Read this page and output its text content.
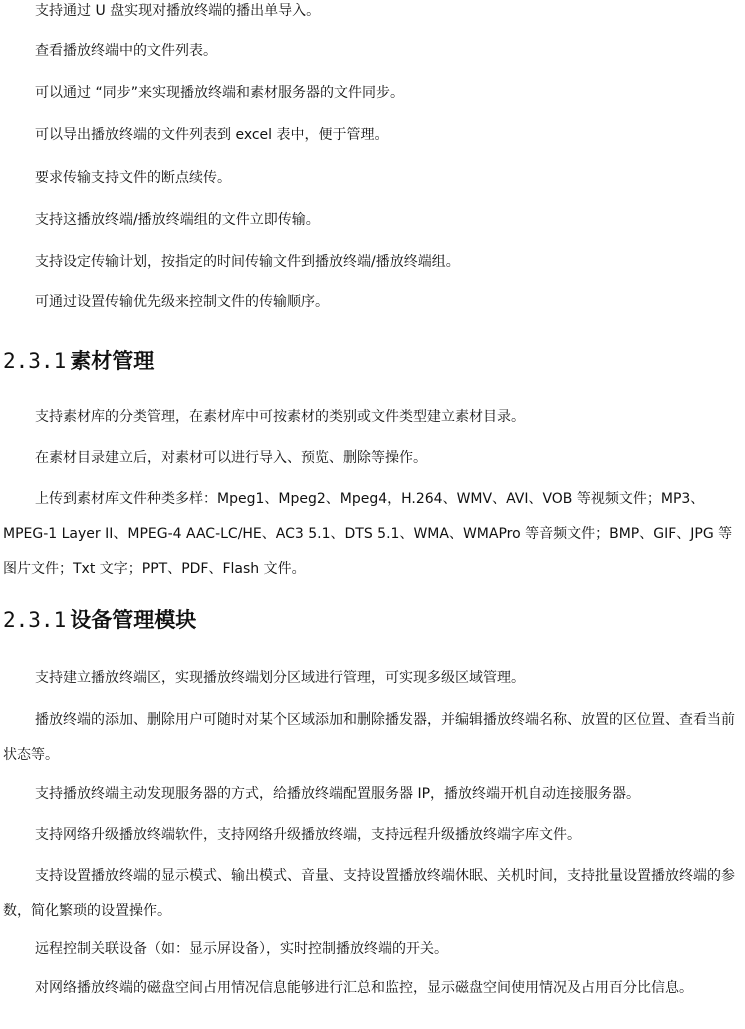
支持通过 U 盘实现对播放终端的播出单导入。

查看播放终端中的文件列表。

可以通过 “同步”来实现播放终端和素材服务器的文件同步。

可以导出播放终端的文件列表到 excel 表中，便于管理。

要求传输支持文件的断点续传。

支持这播放终端/播放终端组的文件立即传输。

支持设定传输计划，按指定的时间传输文件到播放终端/播放终端组。

可通过设置传输优先级来控制文件的传输顺序。

2.3.1 素材管理

支持素材库的分类管理，在素材库中可按素材的类别或文件类型建立素材目录。

在素材目录建立后，对素材可以进行导入、预览、删除等操作。

上传到素材库文件种类多样：Mpeg1、Mpeg2、Mpeg4，H.264、WMV、AVI、VOB 等视频文件；MP3、MPEG-1 Layer II、MPEG-4 AAC-LC/HE、AC3 5.1、DTS 5.1、WMA、WMAPro 等音频文件；BMP、GIF、JPG 等图片文件；Txt 文字；PPT、PDF、Flash 文件。

2.3.1 设备管理模块

支持建立播放终端区，实现播放终端划分区域进行管理，可实现多级区域管理。

播放终端的添加、删除用户可随时对某个区域添加和删除播发器，并编辑播放终端名称、放置的区位置、查看当前状态等。

支持播放终端主动发现服务器的方式，给播放终端配置服务器 IP，播放终端开机自动连接服务器。

支持网络升级播放终端软件，支持网络升级播放终端，支持远程升级播放终端字库文件。

支持设置播放终端的显示模式、输出模式、音量、支持设置播放终端休眠、关机时间，支持批量设置播放终端的参数，简化繁琐的设置操作。

远程控制关联设备（如：显示屏设备），实时控制播放终端的开关。

对网络播放终端的磁盘空间占用情况信息能够进行汇总和监控，显示磁盘空间使用情况及占用百分比信息。
